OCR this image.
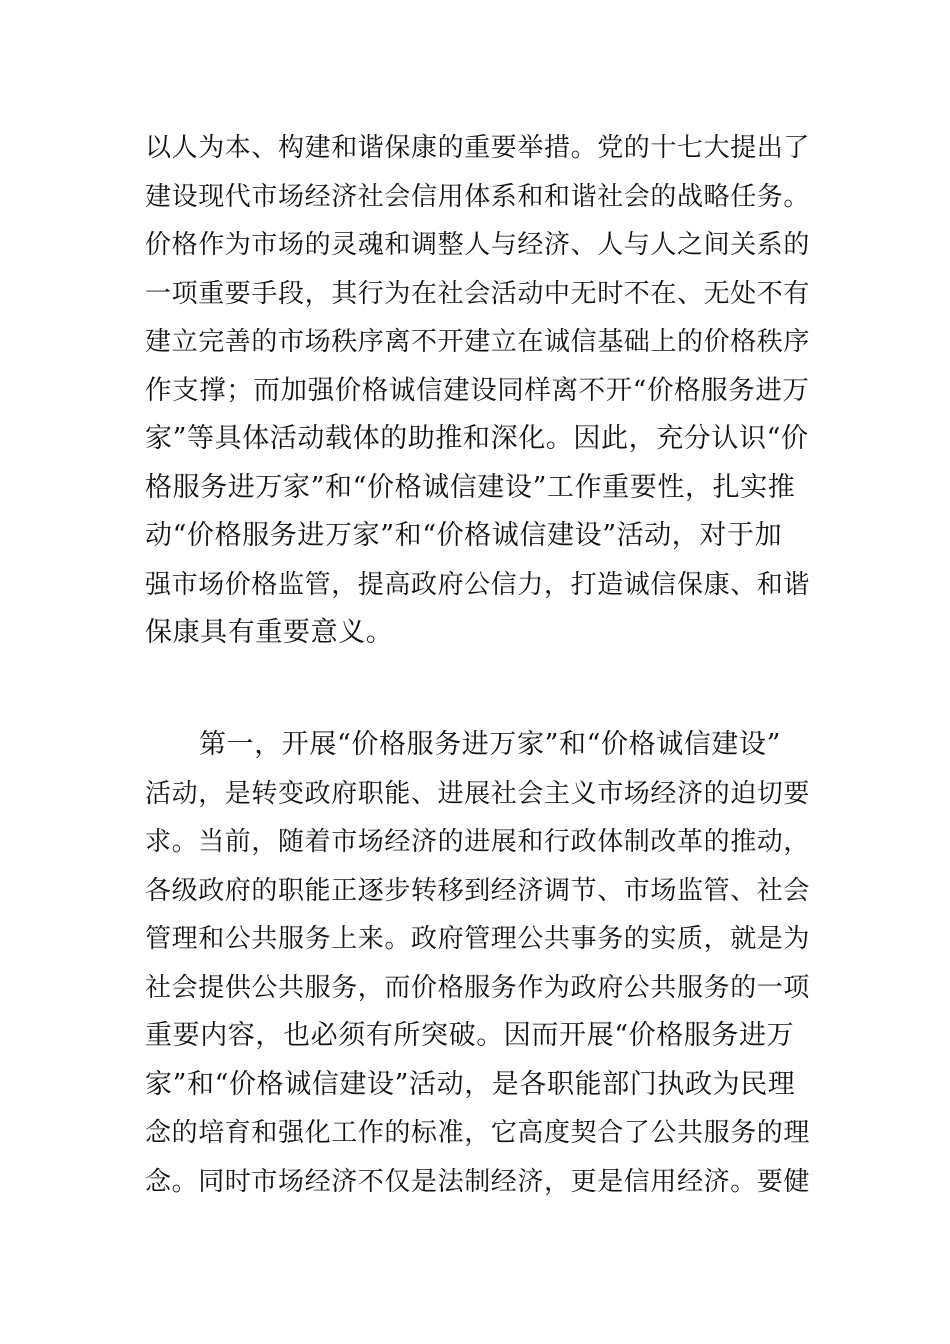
以人为本、构建和谐保康的重要举措。党的十七大提出了
建设现代市场经济社会信用体系和和谐社会的战略任务。
价格作为市场的灵魂和调整人与经济、人与人之间关系的
一项重要手段，其行为在社会活动中无时不在、无处不有
建立完善的市场秩序离不开建立在诚信基础上的价格秩序
作支撑；而加强价格诚信建设同样离不开“价格服务进万
家”等具体活动载体的助推和深化。因此，充分认识“价
格服务进万家”和“价格诚信建设”工作重要性，扎实推
动“价格服务进万家”和“价格诚信建设”活动，对于加
强市场价格监管，提高政府公信力，打造诚信保康、和谐
保康具有重要意义。
第一，开展“价格服务进万家”和“价格诚信建设”
活动，是转变政府职能、进展社会主义市场经济的迫切要
求。当前，随着市场经济的进展和行政体制改革的推动，
各级政府的职能正逐步转移到经济调节、市场监管、社会
管理和公共服务上来。政府管理公共事务的实质，就是为
社会提供公共服务，而价格服务作为政府公共服务的一项
重要内容，也必须有所突破。因而开展“价格服务进万
家”和“价格诚信建设”活动，是各职能部门执政为民理
念的培育和强化工作的标准，它高度契合了公共服务的理
念。同时市场经济不仅是法制经济，更是信用经济。要健
